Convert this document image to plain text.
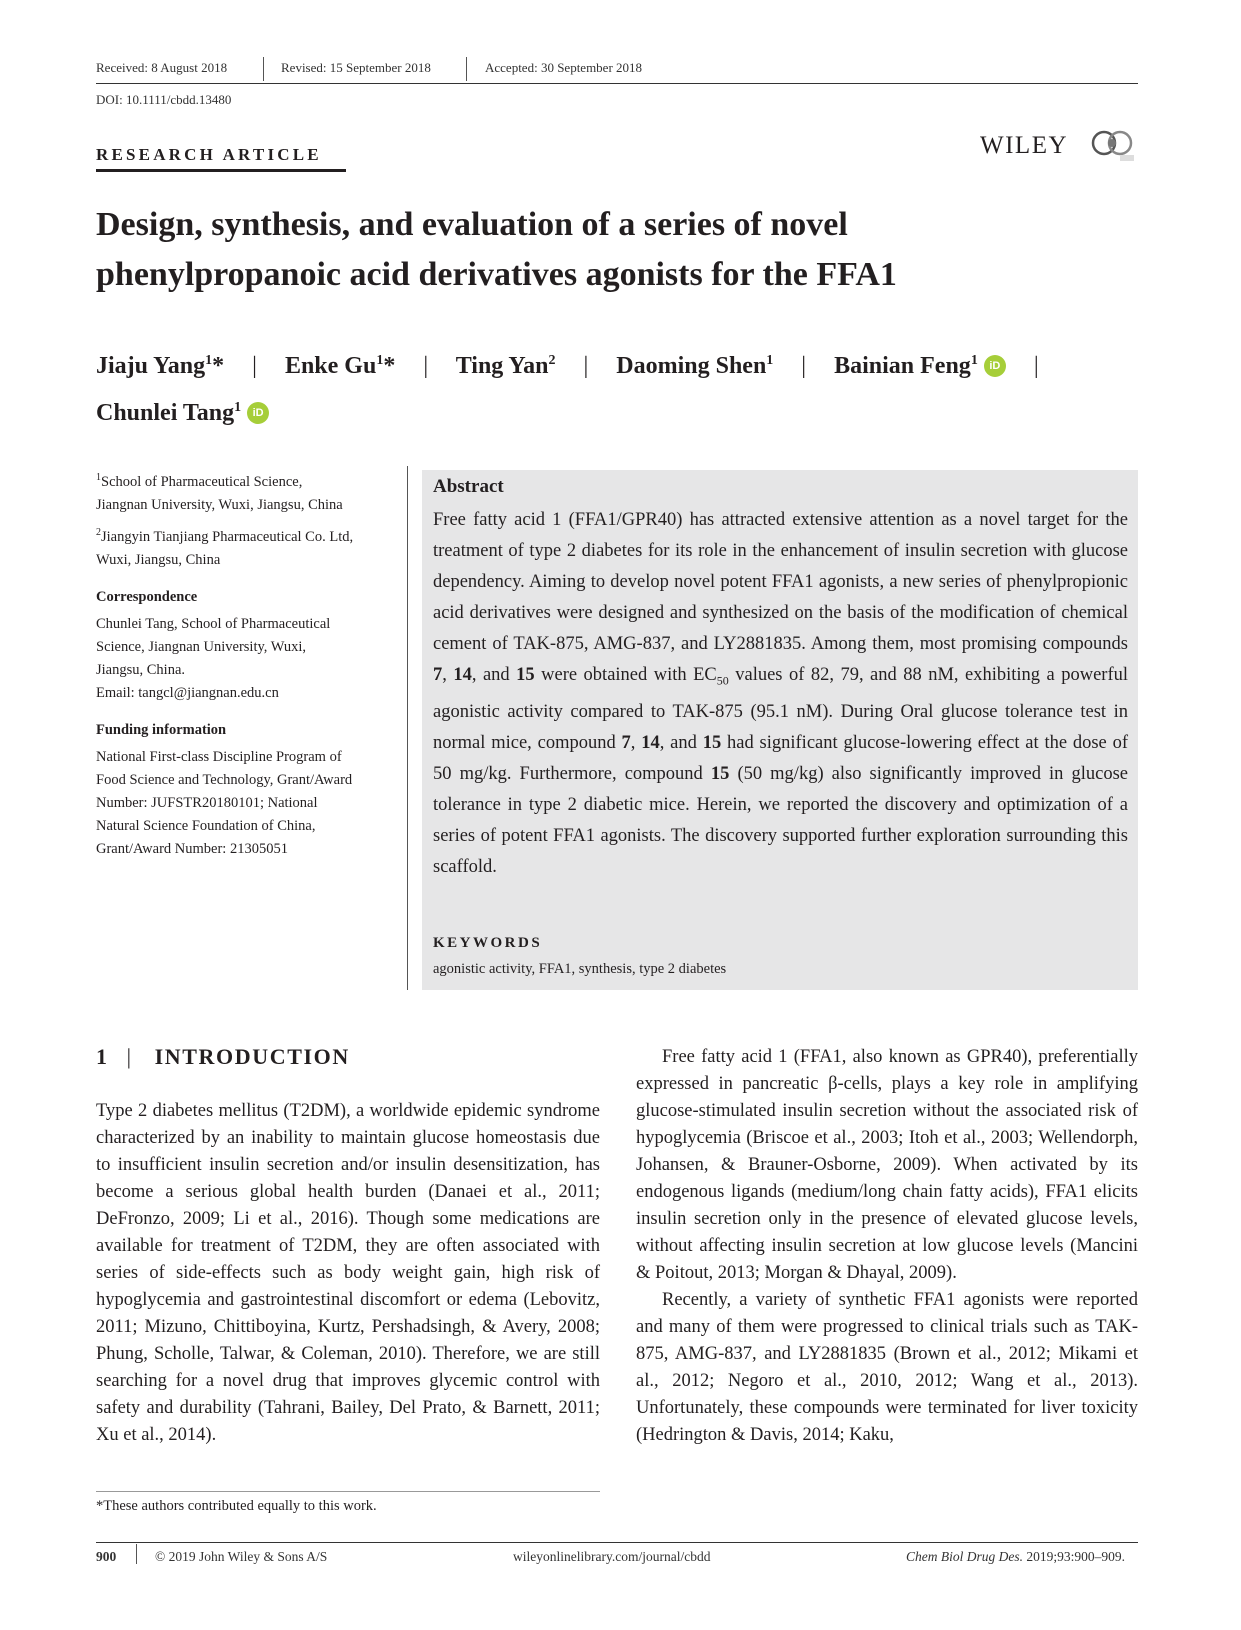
Received: 8 August 2018	Revised: 15 September 2018	Accepted: 30 September 2018
DOI: 10.1111/cbdd.13480
RESEARCH ARTICLE	WILEY
Design, synthesis, and evaluation of a series of novel
phenylpropanoic acid derivatives agonists for the FFA1
Jiaju Yang$^1$* | Enke Gu$^1$* | Ting Yan$^2$ | Daoming Shen$^1$ | Bainian Feng$^1$ iD |
Chunlei Tang$^1$ iD

$^1$School of Pharmaceutical Science,
Jiangnan University, Wuxi, Jiangsu, China

$^2$Jiangyin Tianjiang Pharmaceutical Co. Ltd,
Wuxi, Jiangsu, China

Correspondence

Chunlei Tang, School of Pharmaceutical
Science, Jiangnan University, Wuxi,
Jiangsu, China.
Email: tangcl@jiangnan.edu.cn

Funding information

National First-class Discipline Program of
Food Science and Technology, Grant/Award
Number: JUFSTR20180101; National
Natural Science Foundation of China,
Grant/Award Number: 21305051

Abstract
Free fatty acid 1 (FFA1/GPR40) has attracted extensive attention as a novel target for the treatment of type 2 diabetes for its role in the enhancement of insulin secretion with glucose dependency. Aiming to develop novel potent FFA1 agonists, a new series of phenylpropionic acid derivatives were designed and synthesized on the basis of the modification of chemical cement of TAK-875, AMG-837, and LY2881835. Among them, most promising compounds 7, 14, and 15 were obtained with $EC_{50}$ values of 82, 79, and 88 nM, exhibiting a powerful agonistic activity compared to TAK-875 (95.1 nM). During Oral glucose tolerance test in normal mice, compound 7, 14, and 15 had significant glucose-lowering effect at the dose of 50 mg/kg. Furthermore, compound 15 (50 mg/kg) also significantly improved in glucose tolerance in type 2 diabetic mice. Herein, we reported the discovery and optimization of a series of potent FFA1 agonists. The discovery supported further exploration surrounding this scaffold.
KEYWORDS
agonistic activity, FFA1, synthesis, type 2 diabetes
1 | INTRODUCTION

Type 2 diabetes mellitus (T2DM), a worldwide epidemic syndrome characterized by an inability to maintain glucose homeostasis due to insufficient insulin secretion and/or insulin desensitization, has become a serious global health burden (Danaei et al., 2011; DeFronzo, 2009; Li et al., 2016). Though some medications are available for treatment of T2DM, they are often associated with series of side-effects such as body weight gain, high risk of hypoglycemia and gastrointestinal discomfort or edema (Lebovitz, 2011; Mizuno, Chittiboyina, Kurtz, Pershadsingh, & Avery, 2008; Phung, Scholle, Talwar, & Coleman, 2010). Therefore, we are still searching for a novel drug that improves glycemic control with safety and durability (Tahrani, Bailey, Del Prato, & Barnett, 2011; Xu et al., 2014).

Free fatty acid 1 (FFA1, also known as GPR40), preferentially expressed in pancreatic β-cells, plays a key role in amplifying glucose-stimulated insulin secretion without the associated risk of hypoglycemia (Briscoe et al., 2003; Itoh et al., 2003; Wellendorph, Johansen, & Brauner-Osborne, 2009). When activated by its endogenous ligands (medium/long chain fatty acids), FFA1 elicits insulin secretion only in the presence of elevated glucose levels, without affecting insulin secretion at low glucose levels (Mancini & Poitout, 2013; Morgan & Dhayal, 2009).

Recently, a variety of synthetic FFA1 agonists were reported and many of them were progressed to clinical trials such as TAK-875, AMG-837, and LY2881835 (Brown et al., 2012; Mikami et al., 2012; Negoro et al., 2010, 2012; Wang et al., 2013). Unfortunately, these compounds were terminated for liver toxicity (Hedrington & Davis, 2014; Kaku,

*These authors contributed equally to this work.
900	© 2019 John Wiley & Sons A/S	wileyonlinelibrary.com/journal/cbdd	Chem Biol Drug Des. 2019;93:900–909.
